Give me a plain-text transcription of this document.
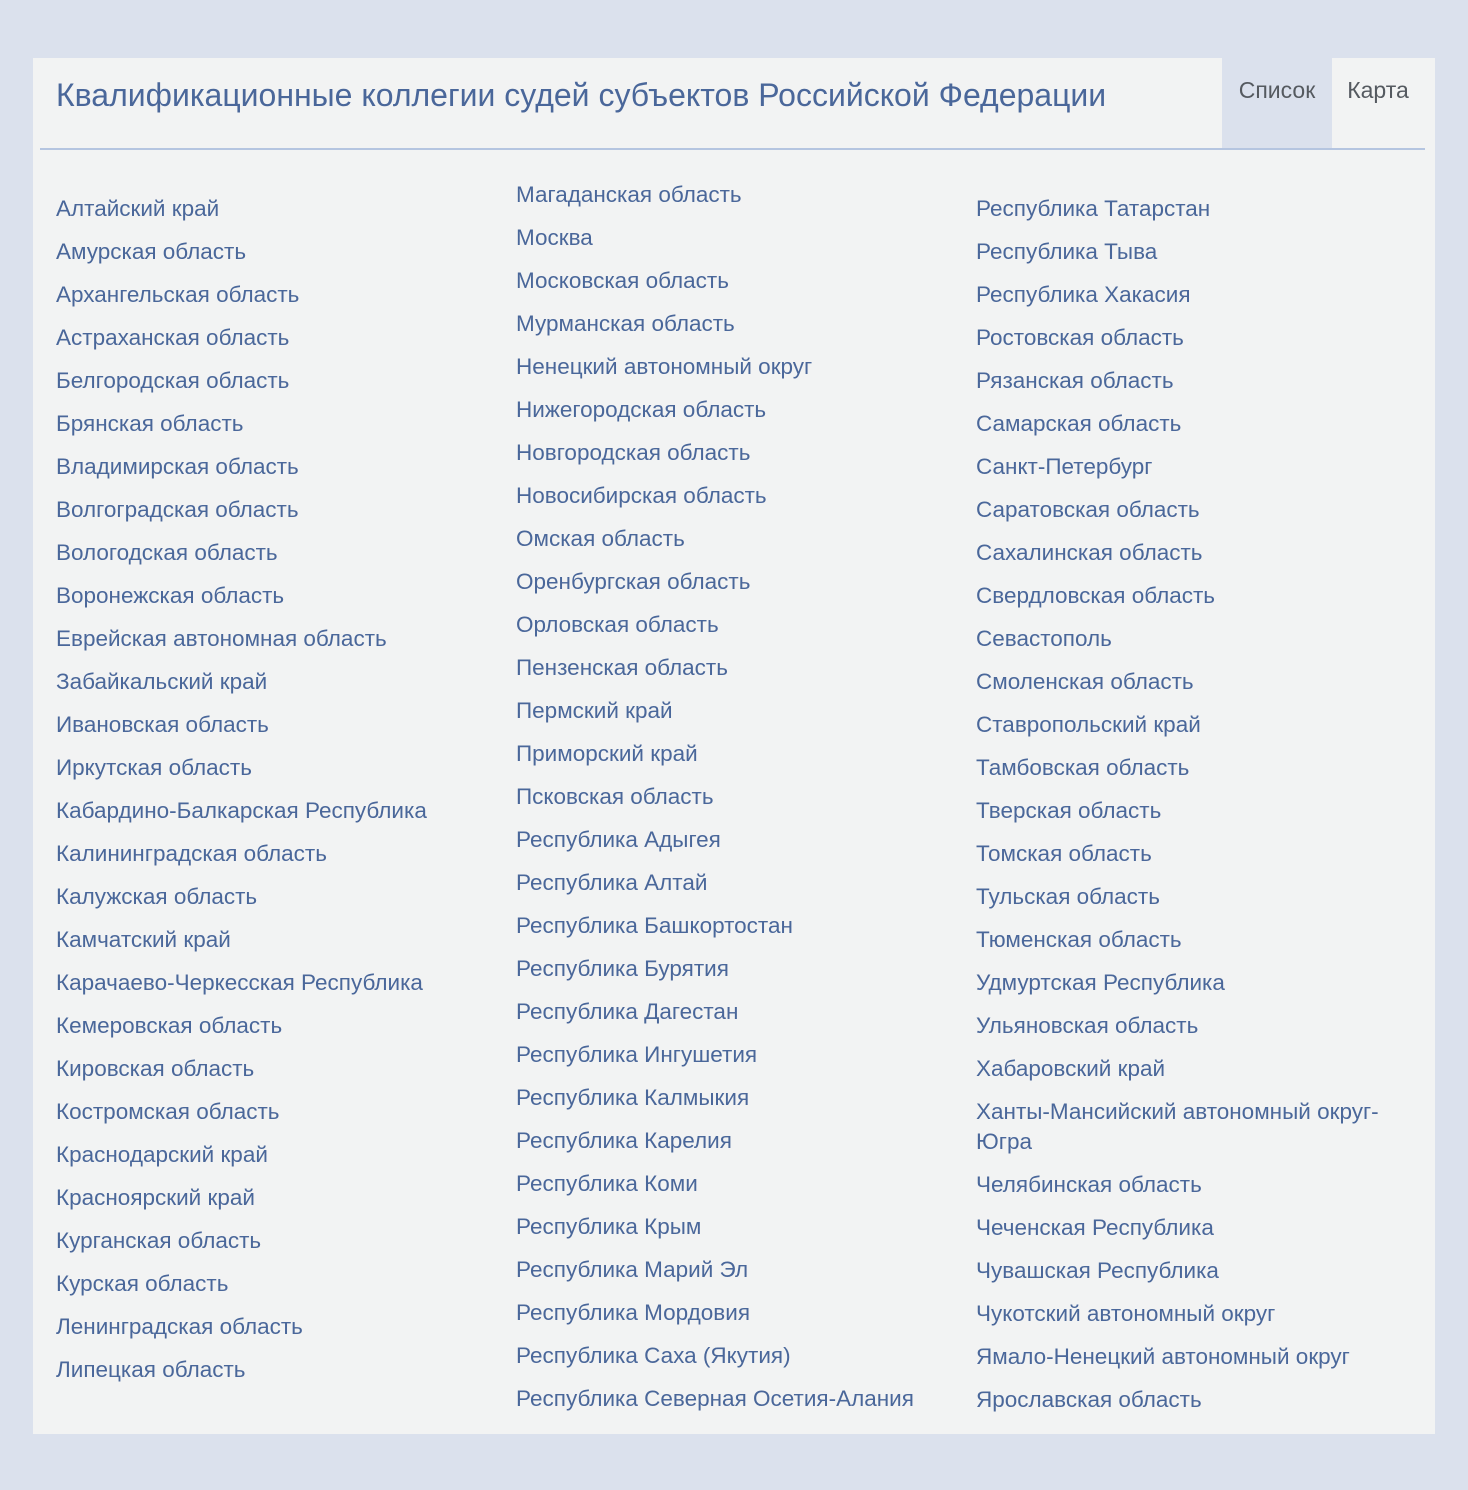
Квалификационные коллегии судей субъектов Российской Федерации	Список	Карта
Алтайский край
Амурская область
Архангельская область
Астраханская область
Белгородская область
Брянская область
Владимирская область
Волгоградская область
Вологодская область
Воронежская область
Еврейская автономная область
Забайкальский край
Ивановская область
Иркутская область
Кабардино-Балкарская Республика
Калининградская область
Калужская область
Камчатский край
Карачаево-Черкесская Республика
Кемеровская область
Кировская область
Костромская область
Краснодарский край
Красноярский край
Курганская область
Курская область
Ленинградская область
Липецкая область
Магаданская область
Москва
Московская область
Мурманская область
Ненецкий автономный округ
Нижегородская область
Новгородская область
Новосибирская область
Омская область
Оренбургская область
Орловская область
Пензенская область
Пермский край
Приморский край
Псковская область
Республика Адыгея
Республика Алтай
Республика Башкортостан
Республика Бурятия
Республика Дагестан
Республика Ингушетия
Республика Калмыкия
Республика Карелия
Республика Коми
Республика Крым
Республика Марий Эл
Республика Мордовия
Республика Саха (Якутия)
Республика Северная Осетия-Алания
Республика Татарстан
Республика Тыва
Республика Хакасия
Ростовская область
Рязанская область
Самарская область
Санкт-Петербург
Саратовская область
Сахалинская область
Свердловская область
Севастополь
Смоленская область
Ставропольский край
Тамбовская область
Тверская область
Томская область
Тульская область
Тюменская область
Удмуртская Республика
Ульяновская область
Хабаровский край
Ханты-Мансийский автономный округ-Югра
Челябинская область
Чеченская Республика
Чувашская Республика
Чукотский автономный округ
Ямало-Ненецкий автономный округ
Ярославская область
